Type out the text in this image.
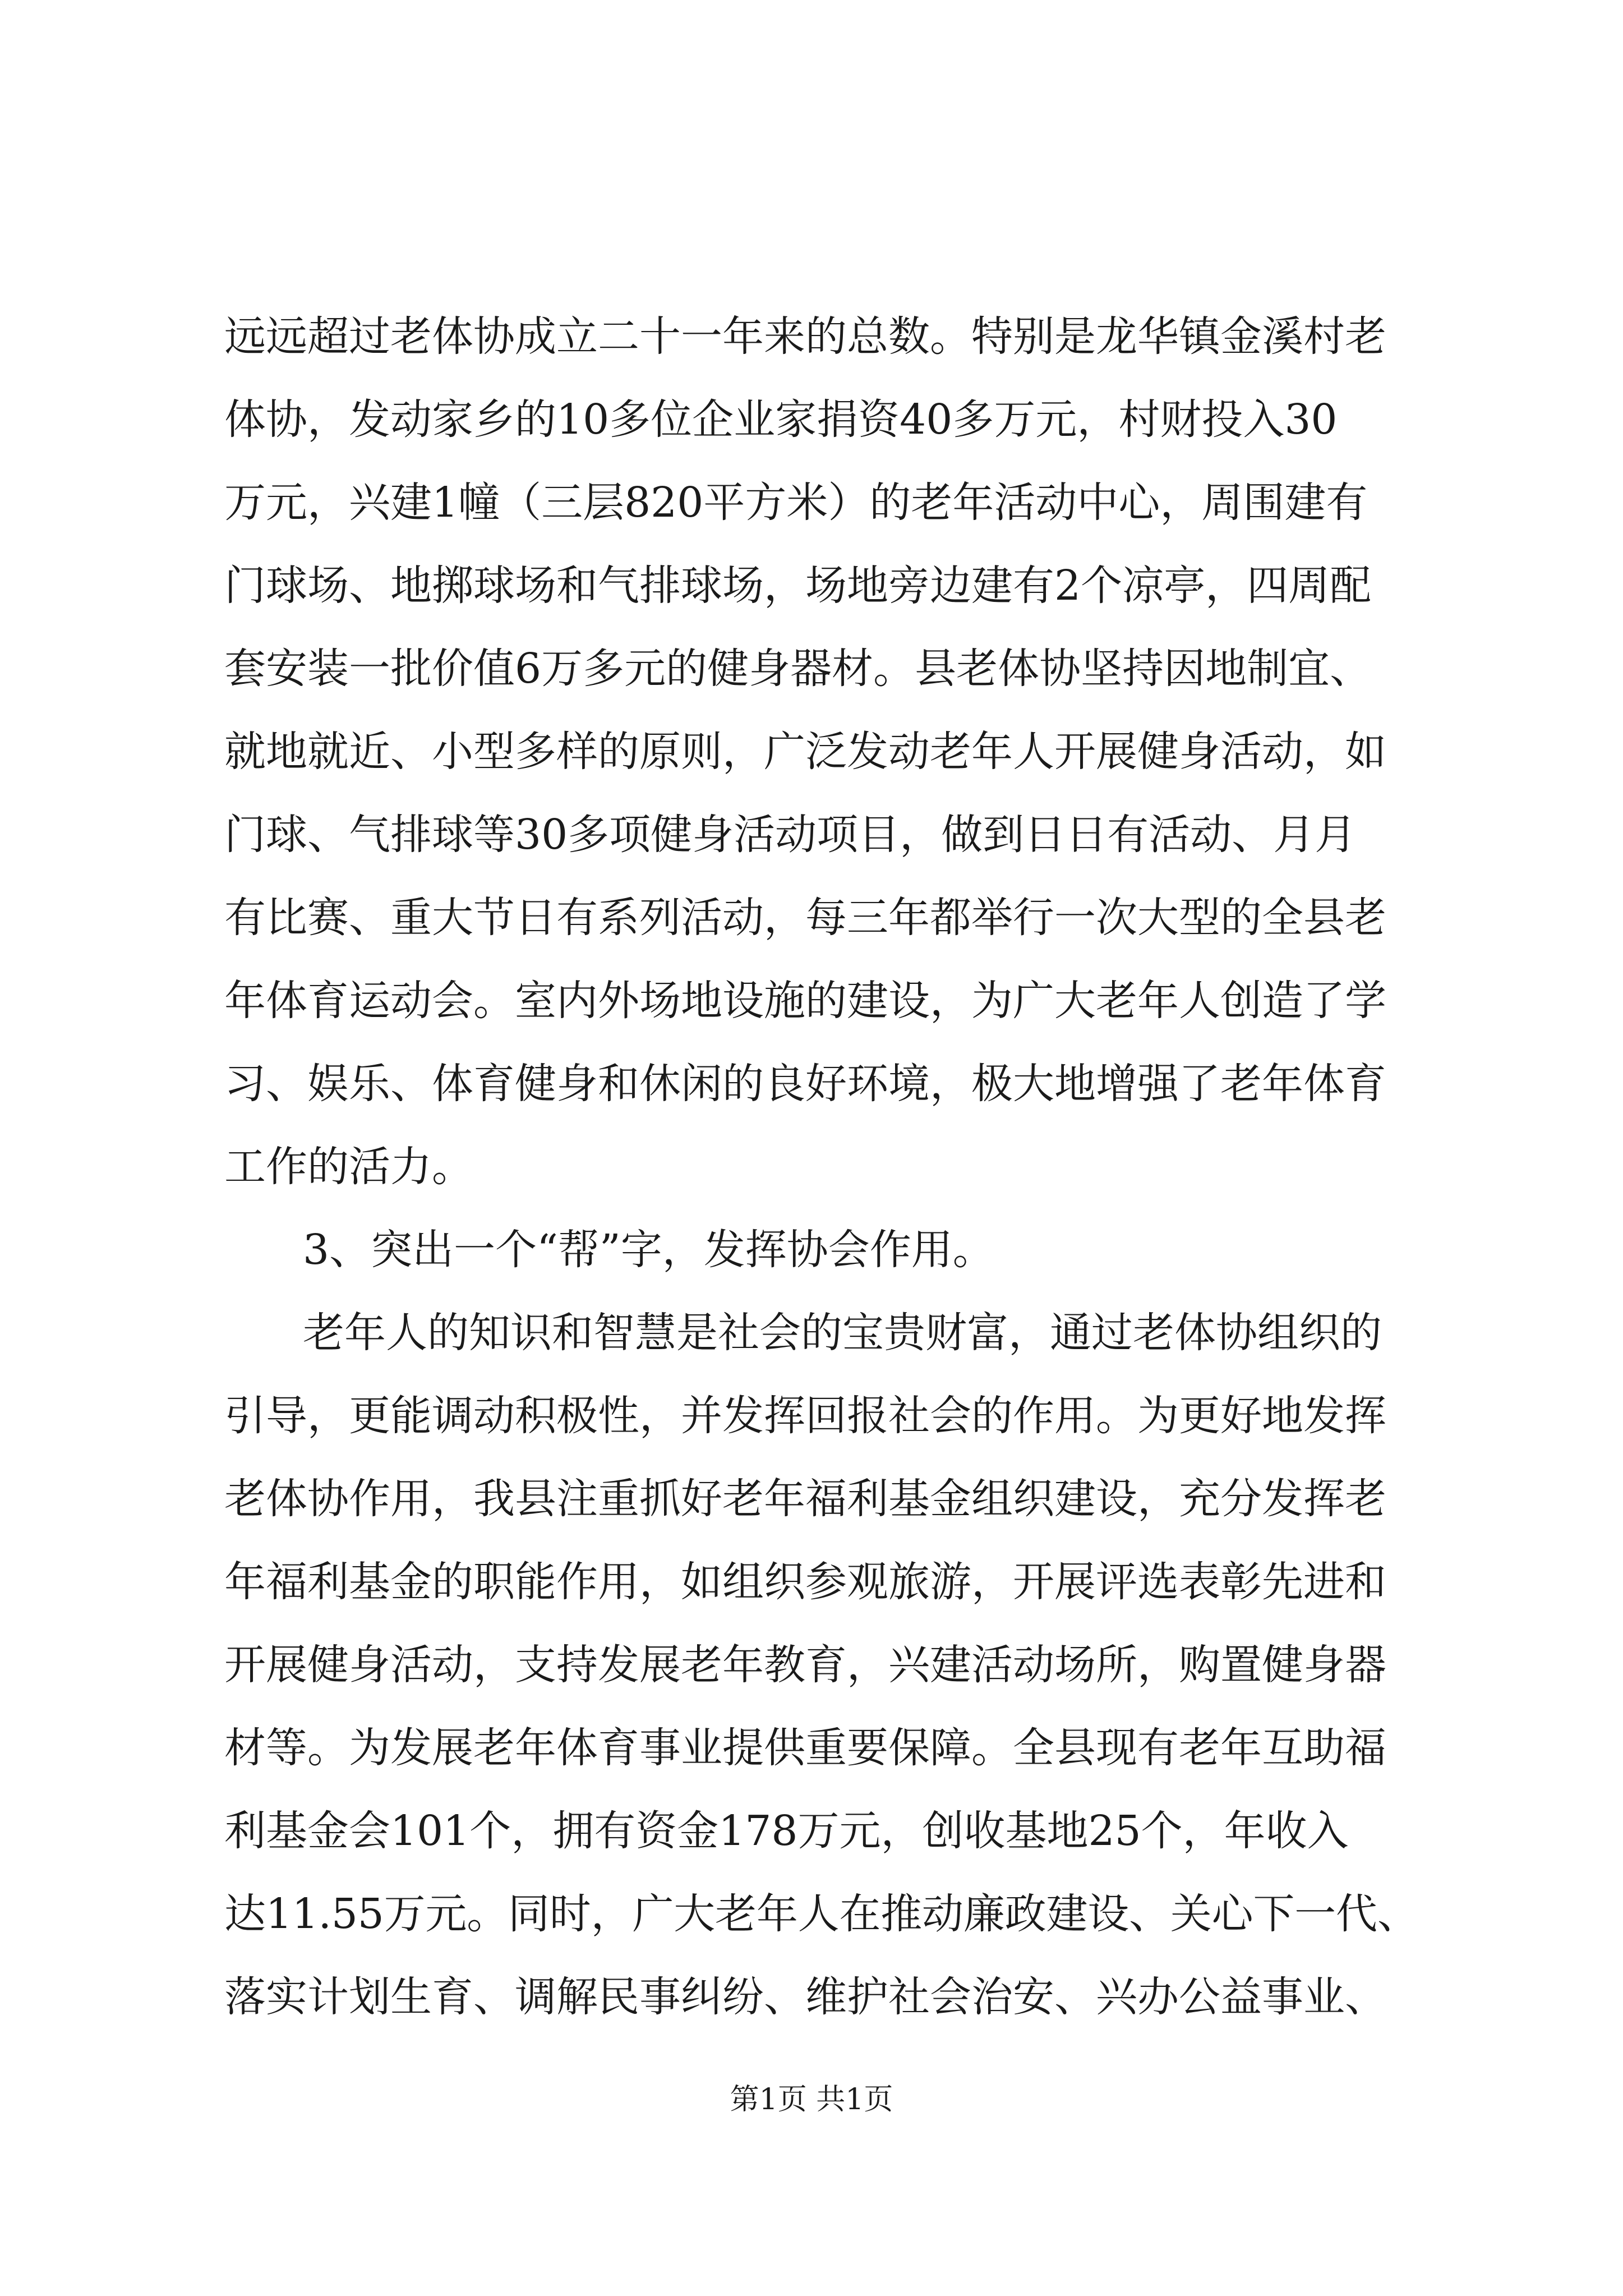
远远超过老体协成立二十一年来的总数。特别是龙华镇金溪村老
体协，发动家乡的10多位企业家捐资40多万元，村财投入30
万元，兴建1幢（三层820平方米）的老年活动中心，周围建有
门球场、地掷球场和气排球场，场地旁边建有2个凉亭，四周配
套安装一批价值6万多元的健身器材。县老体协坚持因地制宜、
就地就近、小型多样的原则，广泛发动老年人开展健身活动，如
门球、气排球等30多项健身活动项目，做到日日有活动、月月
有比赛、重大节日有系列活动，每三年都举行一次大型的全县老
年体育运动会。室内外场地设施的建设，为广大老年人创造了学
习、娱乐、体育健身和休闲的良好环境，极大地增强了老年体育
工作的活力。
3、突出一个“帮”字，发挥协会作用。
老年人的知识和智慧是社会的宝贵财富，通过老体协组织的
引导，更能调动积极性，并发挥回报社会的作用。为更好地发挥
老体协作用，我县注重抓好老年福利基金组织建设，充分发挥老
年福利基金的职能作用，如组织参观旅游，开展评选表彰先进和
开展健身活动，支持发展老年教育，兴建活动场所，购置健身器
材等。为发展老年体育事业提供重要保障。全县现有老年互助福
利基金会101个，拥有资金178万元，创收基地25个，年收入
达11.55万元。同时，广大老年人在推动廉政建设、关心下一代、
落实计划生育、调解民事纠纷、维护社会治安、兴办公益事业、
第1页 共1页
